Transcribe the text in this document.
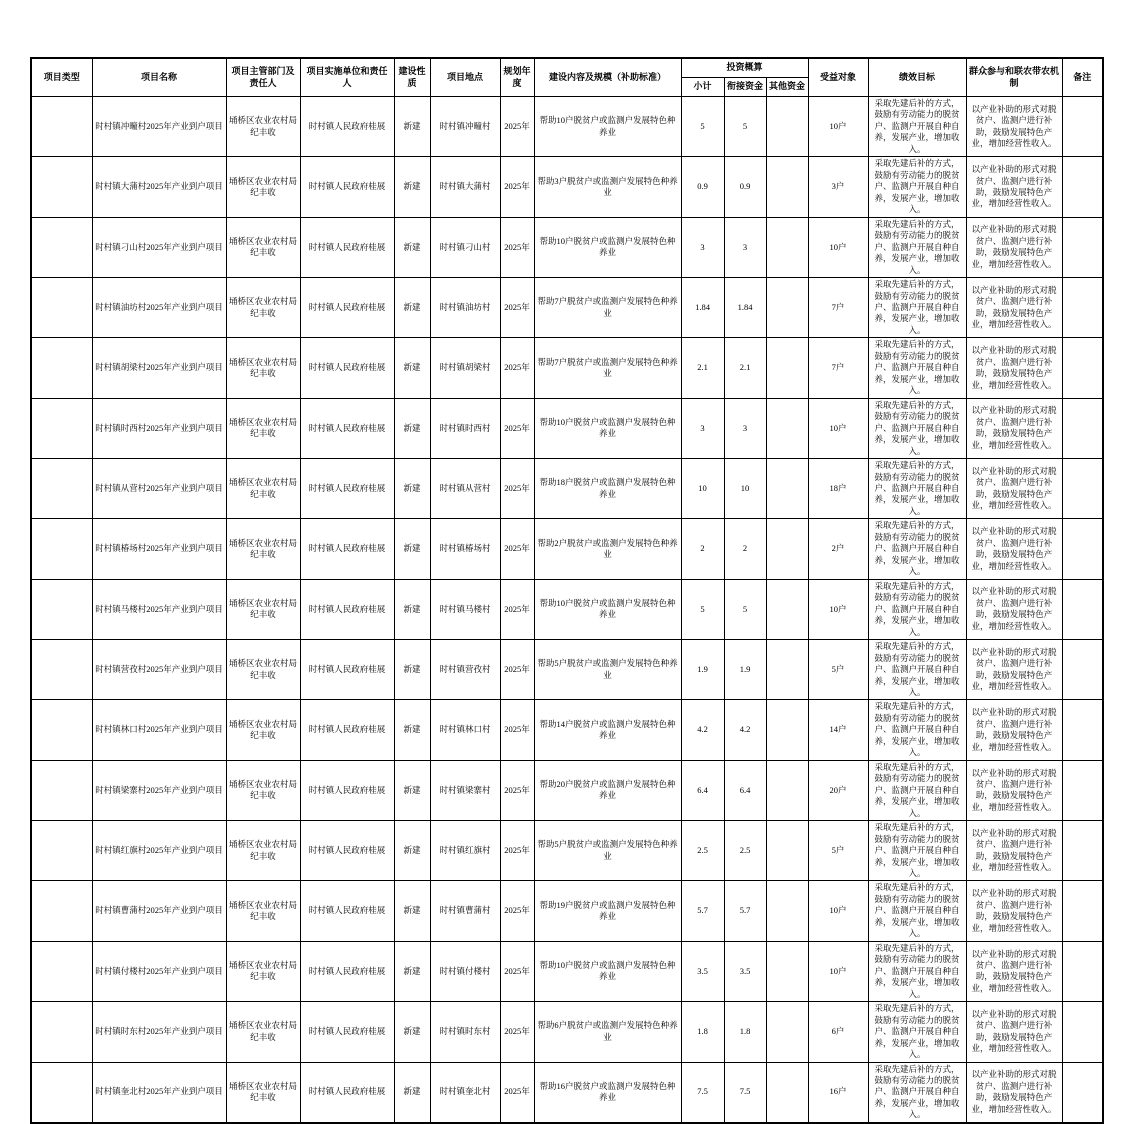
项目类型	项目名称	项目主管部门及责任人	项目实施单位和责任人	建设性质	项目地点	规划年度	建设内容及规模（补助标准）	投资概算			受益对象	绩效目标	群众参与和联农带农机制	备注
								小计	衔接资金	其他资金				
	时村镇冲疃村2025年产业到户项目	埇桥区农业农村局 纪丰收	时村镇人民政府桂展	新建	时村镇冲疃村	2025年	帮助10户脱贫户或监测户发展特色种养业	5	5		10户	采取先建后补的方式，鼓励有劳动能力的脱贫户、监测户开展自种自养，发展产业，增加收入。	以产业补助的形式对脱贫户、监测户进行补助，鼓励发展特色产业，增加经营性收入。	
	时村镇大蒲村2025年产业到户项目	埇桥区农业农村局 纪丰收	时村镇人民政府桂展	新建	时村镇大蒲村	2025年	帮助3户脱贫户或监测户发展特色种养业	0.9	0.9		3户	采取先建后补的方式，鼓励有劳动能力的脱贫户、监测户开展自种自养，发展产业，增加收入。	以产业补助的形式对脱贫户、监测户进行补助，鼓励发展特色产业，增加经营性收入。	
	时村镇刁山村2025年产业到户项目	埇桥区农业农村局 纪丰收	时村镇人民政府桂展	新建	时村镇刁山村	2025年	帮助10户脱贫户或监测户发展特色种养业	3	3		10户	采取先建后补的方式，鼓励有劳动能力的脱贫户、监测户开展自种自养，发展产业，增加收入。	以产业补助的形式对脱贫户、监测户进行补助，鼓励发展特色产业，增加经营性收入。	
	时村镇油坊村2025年产业到户项目	埇桥区农业农村局 纪丰收	时村镇人民政府桂展	新建	时村镇油坊村	2025年	帮助7户脱贫户或监测户发展特色种养业	1.84	1.84		7户	采取先建后补的方式，鼓励有劳动能力的脱贫户、监测户开展自种自养，发展产业，增加收入。	以产业补助的形式对脱贫户、监测户进行补助，鼓励发展特色产业，增加经营性收入。	
	时村镇胡梁村2025年产业到户项目	埇桥区农业农村局 纪丰收	时村镇人民政府桂展	新建	时村镇胡梁村	2025年	帮助7户脱贫户或监测户发展特色种养业	2.1	2.1		7户	采取先建后补的方式，鼓励有劳动能力的脱贫户、监测户开展自种自养，发展产业，增加收入。	以产业补助的形式对脱贫户、监测户进行补助，鼓励发展特色产业，增加经营性收入。	
	时村镇时西村2025年产业到户项目	埇桥区农业农村局 纪丰收	时村镇人民政府桂展	新建	时村镇时西村	2025年	帮助10户脱贫户或监测户发展特色种养业	3	3		10户	采取先建后补的方式，鼓励有劳动能力的脱贫户、监测户开展自种自养，发展产业，增加收入。	以产业补助的形式对脱贫户、监测户进行补助，鼓励发展特色产业，增加经营性收入。	
	时村镇从营村2025年产业到户项目	埇桥区农业农村局 纪丰收	时村镇人民政府桂展	新建	时村镇从营村	2025年	帮助18户脱贫户或监测户发展特色种养业	10	10		18户	采取先建后补的方式，鼓励有劳动能力的脱贫户、监测户开展自种自养，发展产业，增加收入。	以产业补助的形式对脱贫户、监测户进行补助，鼓励发展特色产业，增加经营性收入。	
	时村镇椿场村2025年产业到户项目	埇桥区农业农村局 纪丰收	时村镇人民政府桂展	新建	时村镇椿场村	2025年	帮助2户脱贫户或监测户发展特色种养业	2	2		2户	采取先建后补的方式，鼓励有劳动能力的脱贫户、监测户开展自种自养，发展产业，增加收入。	以产业补助的形式对脱贫户、监测户进行补助，鼓励发展特色产业，增加经营性收入。	
	时村镇马楼村2025年产业到户项目	埇桥区农业农村局 纪丰收	时村镇人民政府桂展	新建	时村镇马楼村	2025年	帮助10户脱贫户或监测户发展特色种养业	5	5		10户	采取先建后补的方式，鼓励有劳动能力的脱贫户、监测户开展自种自养，发展产业，增加收入。	以产业补助的形式对脱贫户、监测户进行补助，鼓励发展特色产业，增加经营性收入。	
	时村镇营孜村2025年产业到户项目	埇桥区农业农村局 纪丰收	时村镇人民政府桂展	新建	时村镇营孜村	2025年	帮助5户脱贫户或监测户发展特色种养业	1.9	1.9		5户	采取先建后补的方式，鼓励有劳动能力的脱贫户、监测户开展自种自养，发展产业，增加收入。	以产业补助的形式对脱贫户、监测户进行补助，鼓励发展特色产业，增加经营性收入。	
	时村镇林口村2025年产业到户项目	埇桥区农业农村局 纪丰收	时村镇人民政府桂展	新建	时村镇林口村	2025年	帮助14户脱贫户或监测户发展特色种养业	4.2	4.2		14户	采取先建后补的方式，鼓励有劳动能力的脱贫户、监测户开展自种自养，发展产业，增加收入。	以产业补助的形式对脱贫户、监测户进行补助，鼓励发展特色产业，增加经营性收入。	
	时村镇梁寨村2025年产业到户项目	埇桥区农业农村局 纪丰收	时村镇人民政府桂展	新建	时村镇梁寨村	2025年	帮助20户脱贫户或监测户发展特色种养业	6.4	6.4		20户	采取先建后补的方式，鼓励有劳动能力的脱贫户、监测户开展自种自养，发展产业，增加收入。	以产业补助的形式对脱贫户、监测户进行补助，鼓励发展特色产业，增加经营性收入。	
	时村镇红旗村2025年产业到户项目	埇桥区农业农村局 纪丰收	时村镇人民政府桂展	新建	时村镇红旗村	2025年	帮助5户脱贫户或监测户发展特色种养业	2.5	2.5		5户	采取先建后补的方式，鼓励有劳动能力的脱贫户、监测户开展自种自养，发展产业，增加收入。	以产业补助的形式对脱贫户、监测户进行补助，鼓励发展特色产业，增加经营性收入。	
	时村镇曹蒲村2025年产业到户项目	埇桥区农业农村局 纪丰收	时村镇人民政府桂展	新建	时村镇曹蒲村	2025年	帮助19户脱贫户或监测户发展特色种养业	5.7	5.7		10户	采取先建后补的方式，鼓励有劳动能力的脱贫户、监测户开展自种自养，发展产业，增加收入。	以产业补助的形式对脱贫户、监测户进行补助，鼓励发展特色产业，增加经营性收入。	
	时村镇付楼村2025年产业到户项目	埇桥区农业农村局 纪丰收	时村镇人民政府桂展	新建	时村镇付楼村	2025年	帮助10户脱贫户或监测户发展特色种养业	3.5	3.5		10户	采取先建后补的方式，鼓励有劳动能力的脱贫户、监测户开展自种自养，发展产业，增加收入。	以产业补助的形式对脱贫户、监测户进行补助，鼓励发展特色产业，增加经营性收入。	
	时村镇时东村2025年产业到户项目	埇桥区农业农村局 纪丰收	时村镇人民政府桂展	新建	时村镇时东村	2025年	帮助6户脱贫户或监测户发展特色种养业	1.8	1.8		6户	采取先建后补的方式，鼓励有劳动能力的脱贫户、监测户开展自种自养，发展产业，增加收入。	以产业补助的形式对脱贫户、监测户进行补助，鼓励发展特色产业，增加经营性收入。	
	时村镇奎北村2025年产业到户项目	埇桥区农业农村局 纪丰收	时村镇人民政府桂展	新建	时村镇奎北村	2025年	帮助16户脱贫户或监测户发展特色种养业	7.5	7.5		16户	采取先建后补的方式，鼓励有劳动能力的脱贫户、监测户开展自种自养，发展产业，增加收入。	以产业补助的形式对脱贫户、监测户进行补助，鼓励发展特色产业，增加经营性收入。	
